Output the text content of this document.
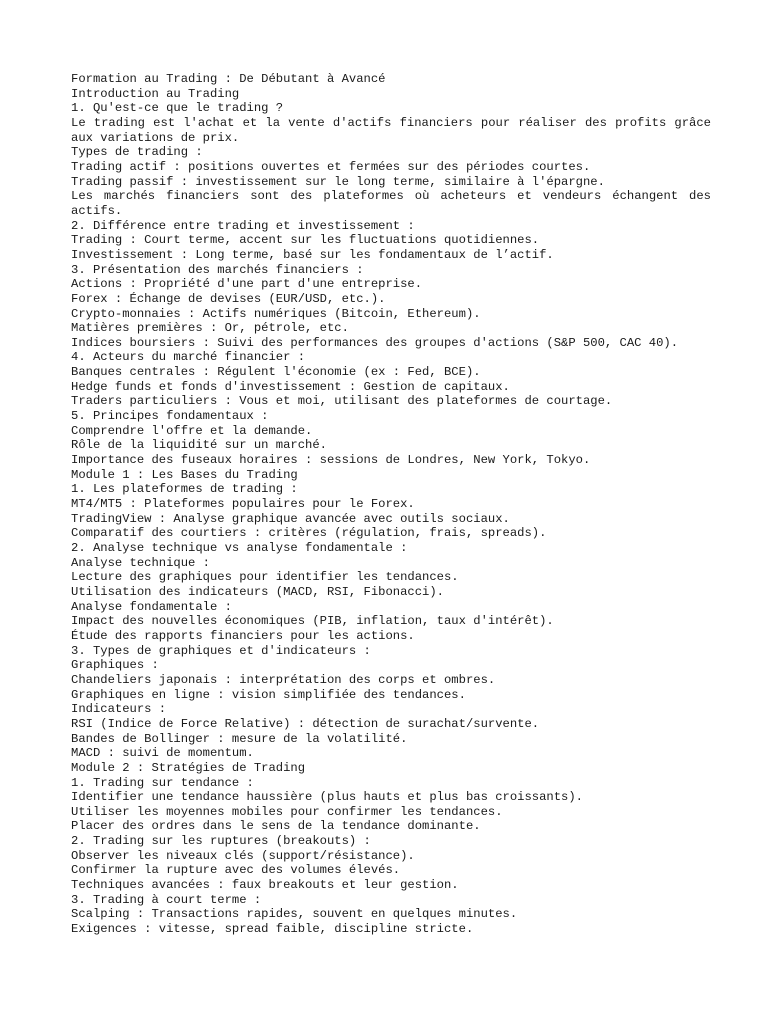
Formation au Trading : De Débutant à Avancé

Introduction au Trading

1. Qu'est-ce que le trading ?

Le trading est l'achat et la vente d'actifs financiers pour réaliser des profits grâce aux variations de prix.

Types de trading :

Trading actif : positions ouvertes et fermées sur des périodes courtes.

Trading passif : investissement sur le long terme, similaire à l'épargne.

Les marchés financiers sont des plateformes où acheteurs et vendeurs échangent des actifs.

2. Différence entre trading et investissement :

Trading : Court terme, accent sur les fluctuations quotidiennes.

Investissement : Long terme, basé sur les fondamentaux de l’actif.

3. Présentation des marchés financiers :

Actions : Propriété d'une part d'une entreprise.

Forex : Échange de devises (EUR/USD, etc.).

Crypto-monnaies : Actifs numériques (Bitcoin, Ethereum).

Matières premières : Or, pétrole, etc.

Indices boursiers : Suivi des performances des groupes d'actions (S&P 500, CAC 40).

4. Acteurs du marché financier :

Banques centrales : Régulent l'économie (ex : Fed, BCE).

Hedge funds et fonds d'investissement : Gestion de capitaux.

Traders particuliers : Vous et moi, utilisant des plateformes de courtage.

5. Principes fondamentaux :

Comprendre l'offre et la demande.

Rôle de la liquidité sur un marché.

Importance des fuseaux horaires : sessions de Londres, New York, Tokyo.

Module 1 : Les Bases du Trading

1. Les plateformes de trading :

MT4/MT5 : Plateformes populaires pour le Forex.

TradingView : Analyse graphique avancée avec outils sociaux.

Comparatif des courtiers : critères (régulation, frais, spreads).

2. Analyse technique vs analyse fondamentale :

Analyse technique :

Lecture des graphiques pour identifier les tendances.

Utilisation des indicateurs (MACD, RSI, Fibonacci).

Analyse fondamentale :

Impact des nouvelles économiques (PIB, inflation, taux d'intérêt).

Étude des rapports financiers pour les actions.

3. Types de graphiques et d'indicateurs :

Graphiques :

Chandeliers japonais : interprétation des corps et ombres.

Graphiques en ligne : vision simplifiée des tendances.

Indicateurs :

RSI (Indice de Force Relative) : détection de surachat/survente.

Bandes de Bollinger : mesure de la volatilité.

MACD : suivi de momentum.

Module 2 : Stratégies de Trading

1. Trading sur tendance :

Identifier une tendance haussière (plus hauts et plus bas croissants).

Utiliser les moyennes mobiles pour confirmer les tendances.

Placer des ordres dans le sens de la tendance dominante.

2. Trading sur les ruptures (breakouts) :

Observer les niveaux clés (support/résistance).

Confirmer la rupture avec des volumes élevés.

Techniques avancées : faux breakouts et leur gestion.

3. Trading à court terme :

Scalping : Transactions rapides, souvent en quelques minutes.

Exigences : vitesse, spread faible, discipline stricte.
